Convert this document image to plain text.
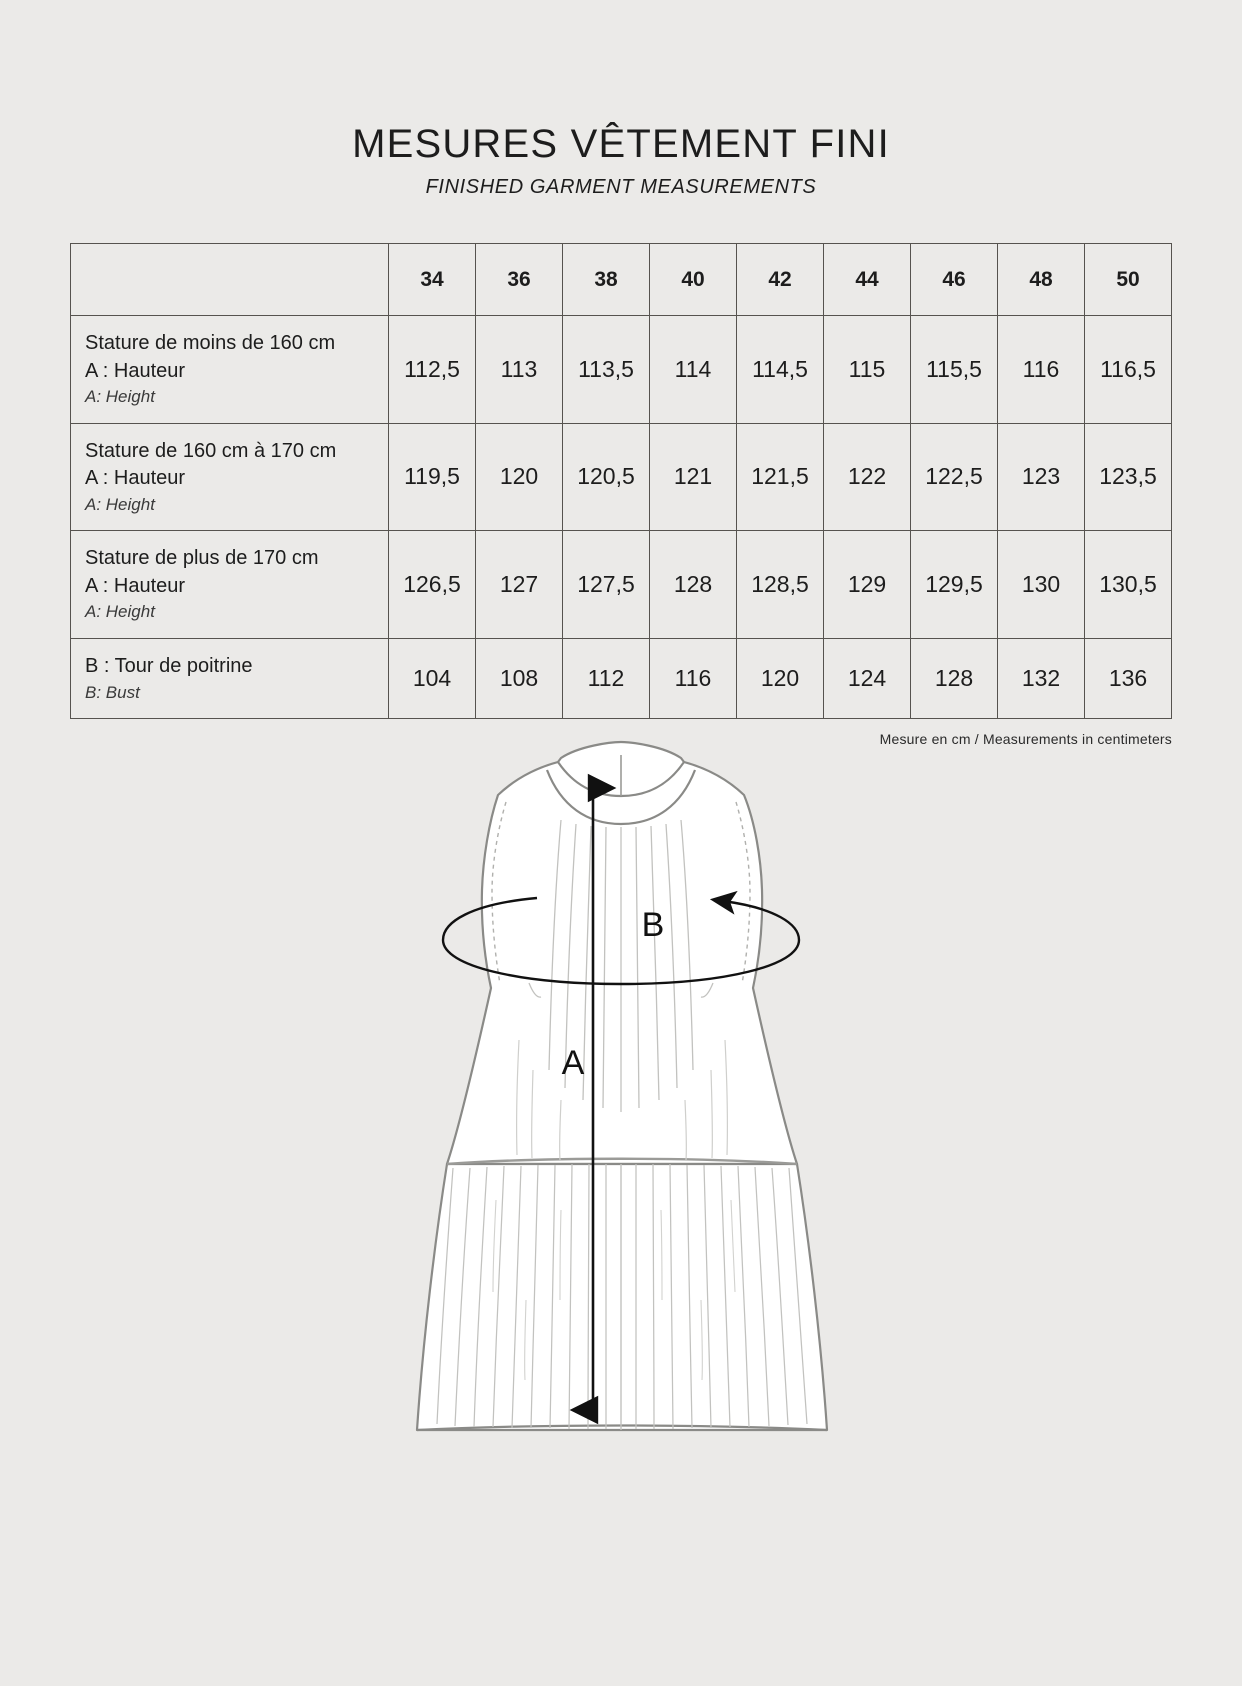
MESURES VÊTEMENT FINI
FINISHED GARMENT MEASUREMENTS
	34	36	38	40	42	44	46	48	50

Stature de moins de 160 cm
A : Hauteur
A: Height	112,5	113	113,5	114	114,5	115	115,5	116	116,5

Stature de 160 cm à 170 cm
A : Hauteur
A: Height	119,5	120	120,5	121	121,5	122	122,5	123	123,5

Stature de plus de 170 cm
A : Hauteur
A: Height	126,5	127	127,5	128	128,5	129	129,5	130	130,5

B : Tour de poitrine
B: Bust	104	108	112	116	120	124	128	132	136
Mesure en cm / Measurements in centimeters
A
B
